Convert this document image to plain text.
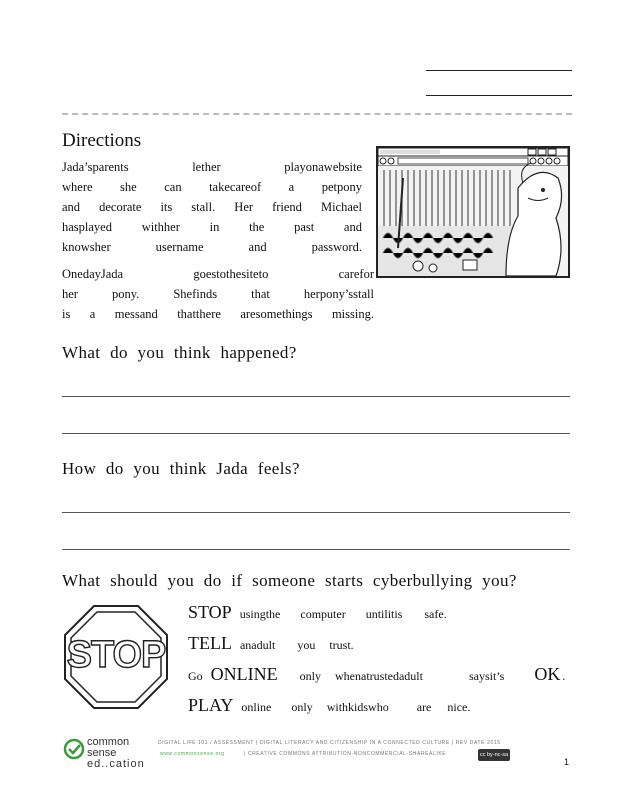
Directions
Jada’sparents	lether	playonawebsite
where she can takecareof a petpony
and decorate its stall. Her friend Michael
hasplayed withher in the past and
knowsher	username	and	password.
OnedayJada	goestothesiteto	carefor
her	pony.	Shefinds	that	herpony’sstall
is a messand thatthere aresomethings missing.
What do you think happened?
How do you think Jada feels?
What should you do if someone starts cyberbullying you?
STOP
STOP usingthe computer untilitis safe.
TELL anadult you trust.
Go ONLINE only whenatrustedadult	saysit’s OK .
PLAY online only withkidswho are nice.
common
sense
ed..cation
DIGITAL LIFE 101 / ASSESSMENT | DIGITAL LITERACY AND CITIZENSHIP IN A CONNECTED CULTURE | REV DATE 2015
www.commonsense.org	| CREATIVE COMMONS ATTRIBUTION-NONCOMMERCIAL-SHAREALIKE	cc by-nc-sa
1
